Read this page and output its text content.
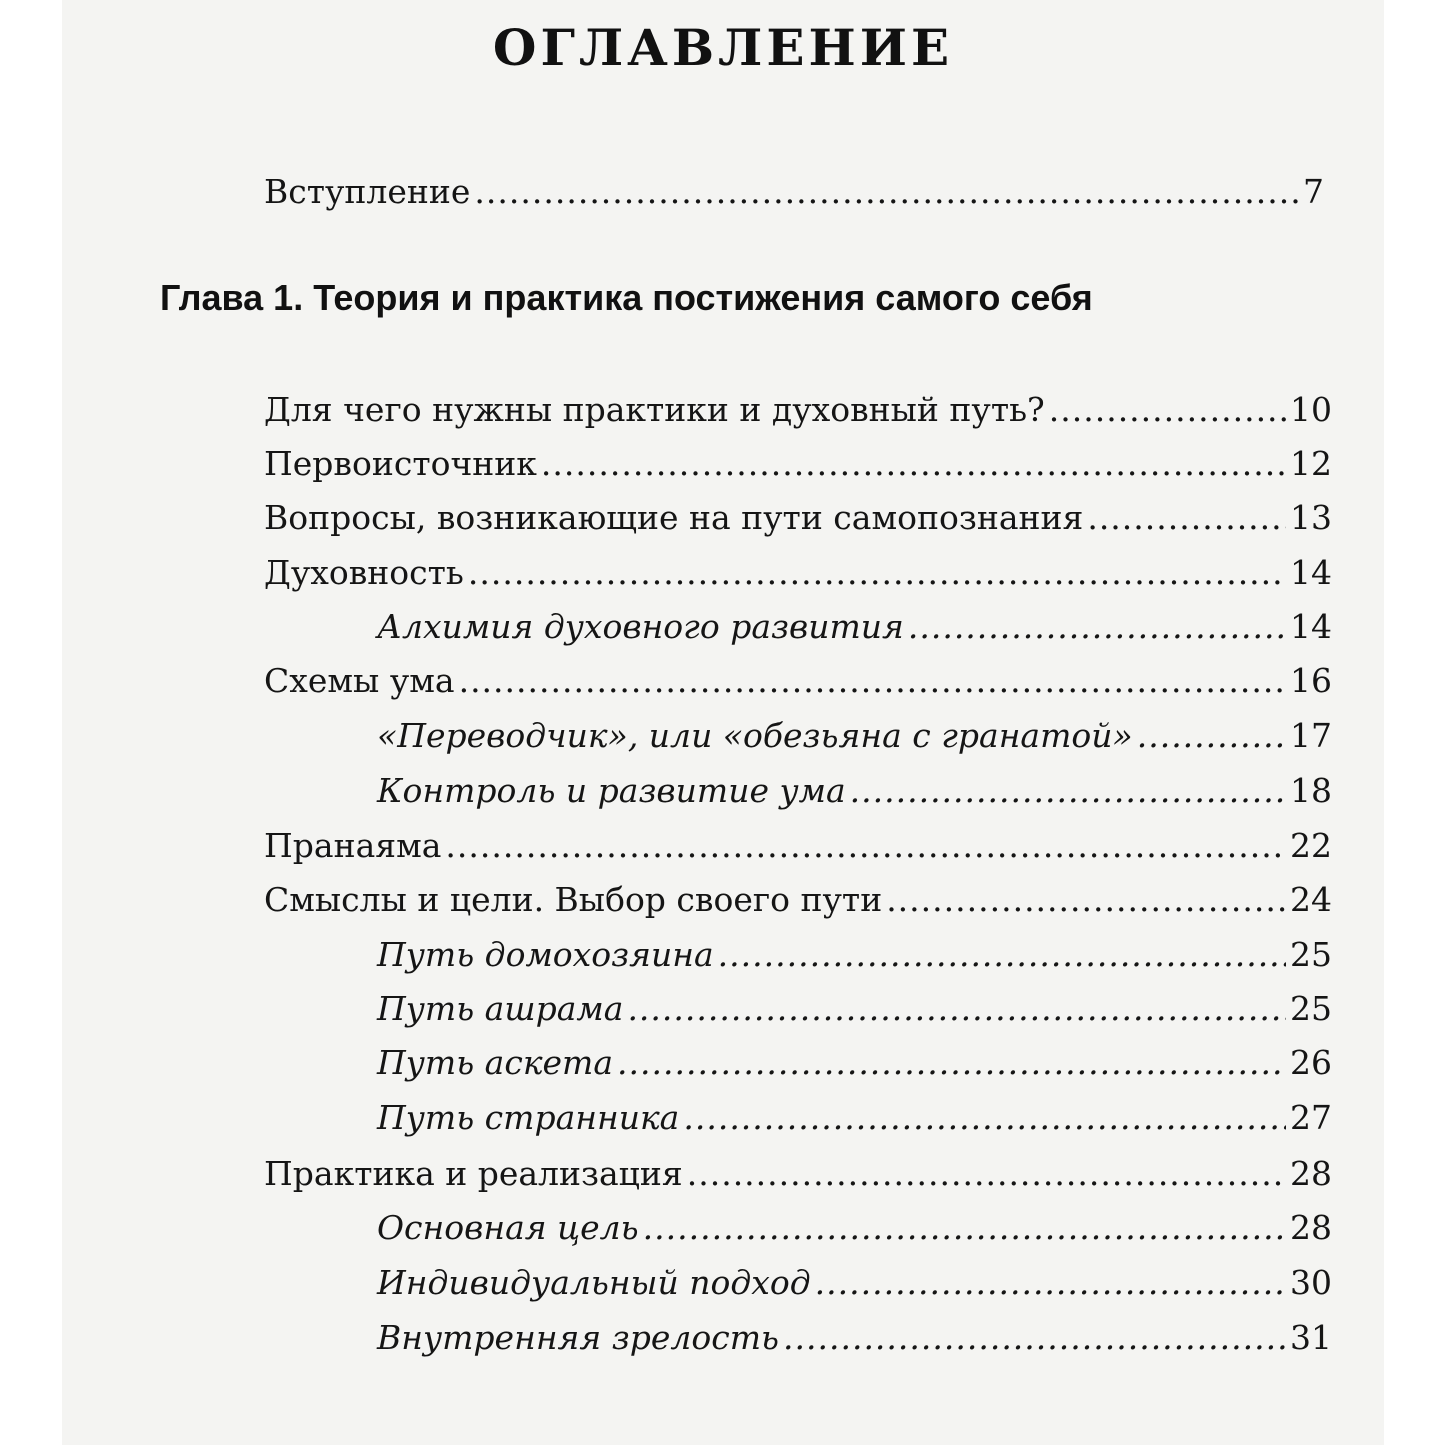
ОГЛАВЛЕНИЕ
Вступление .....	7
Глава 1. Теория и практика постижения самого себя
Для чего нужны практики и духовный путь? .....	10
Первоисточник .....	12
Вопросы, возникающие на пути самопознания .....	13
Духовность .....	14
Алхимия духовного развития .....	14
Схемы ума .....	16
«Переводчик», или «обезьяна с гранатой» .....	17
Контроль и развитие ума .....	18
Пранаяма .....	22
Смыслы и цели. Выбор своего пути .....	24
Путь домохозяина .....	25
Путь ашрама .....	25
Путь аскета .....	26
Путь странника .....	27
Практика и реализация .....	28
Основная цель .....	28
Индивидуальный подход .....	30
Внутренняя зрелость .....	31
